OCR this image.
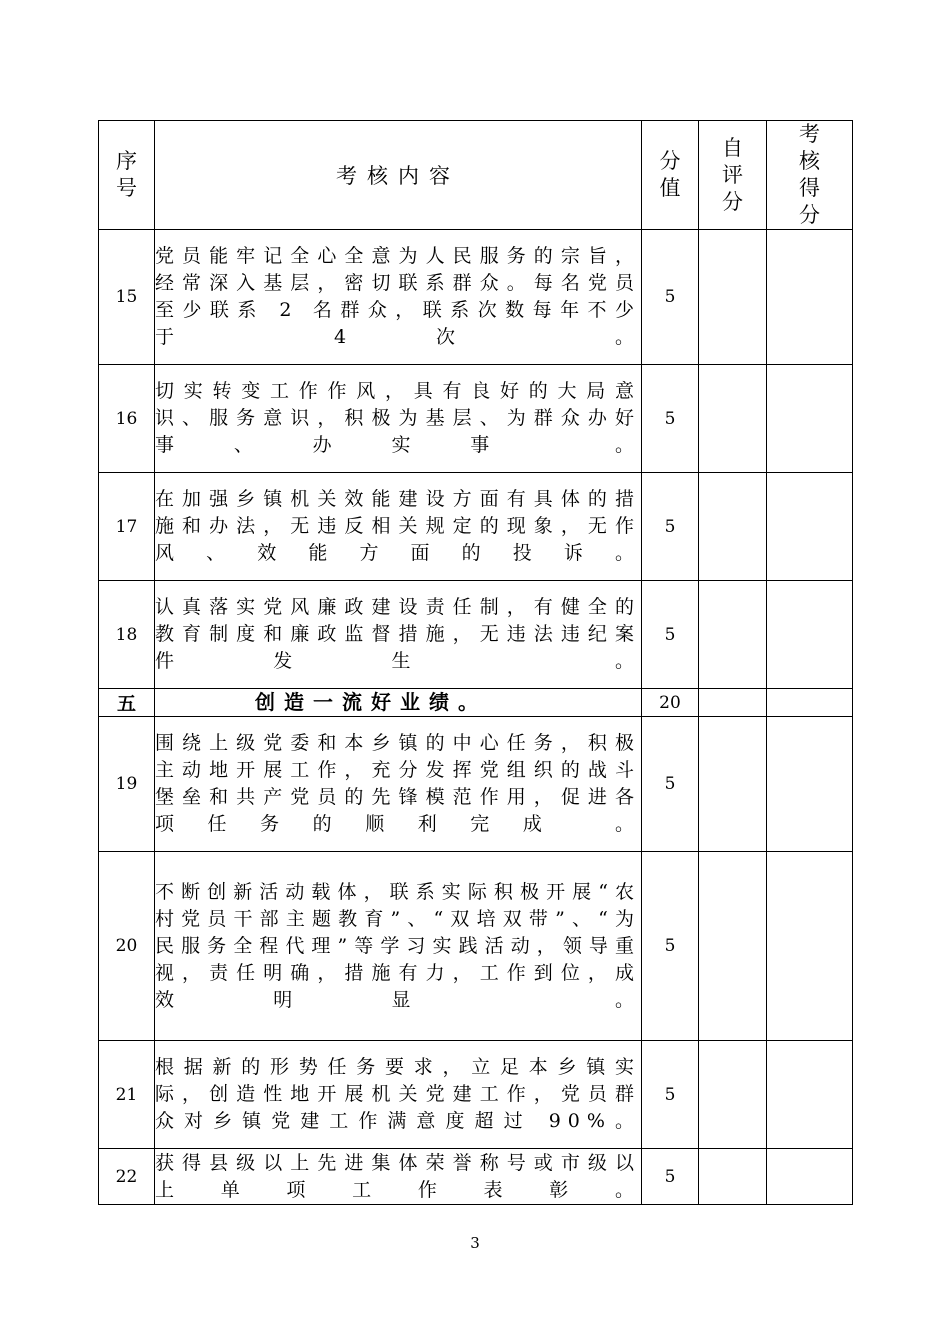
序号	考核内容	分值	自评分	考核得分
15	党员能牢记全心全意为人民服务的宗旨，经常深入基层，密切联系群众。每名党员至少联系 2 名群众，联系次数每年不少于 4 次 。	5		
16	切实转变工作作风，具有良好的大局意识、服务意识，积极为基层、为群众办好事、办实事 。	5		
17	在加强乡镇机关效能建设方面有具体的措施和办法，无违反相关规定的现象，无作风、效能方面的投诉。	5		
18	认真落实党风廉政建设责任制，有健全的教育制度和廉政监督措施，无违法违纪案件发生 。	5		
五	创造一流好业绩。	20		
19	围绕上级党委和本乡镇的中心任务，积极主动地开展工作，充分发挥党组织的战斗堡垒和共产党员的先锋模范作用，促进各项任务的顺利完成 。	5		
20	不断创新活动载体，联系实际积极开展“农村党员干部主题教育”、“双培双带”、“为民服务全程代理”等学习实践活动，领导重视，责任明确，措施有力，工作到位，成效明显 。	5		
21	根据新的形势任务要求，立足本乡镇实际，创造性地开展机关党建工作，党员群众对乡镇党建工作满意度超过 90%。	5		
22	获得县级以上先进集体荣誉称号或市级以上单项工作表彰。	5		
3
